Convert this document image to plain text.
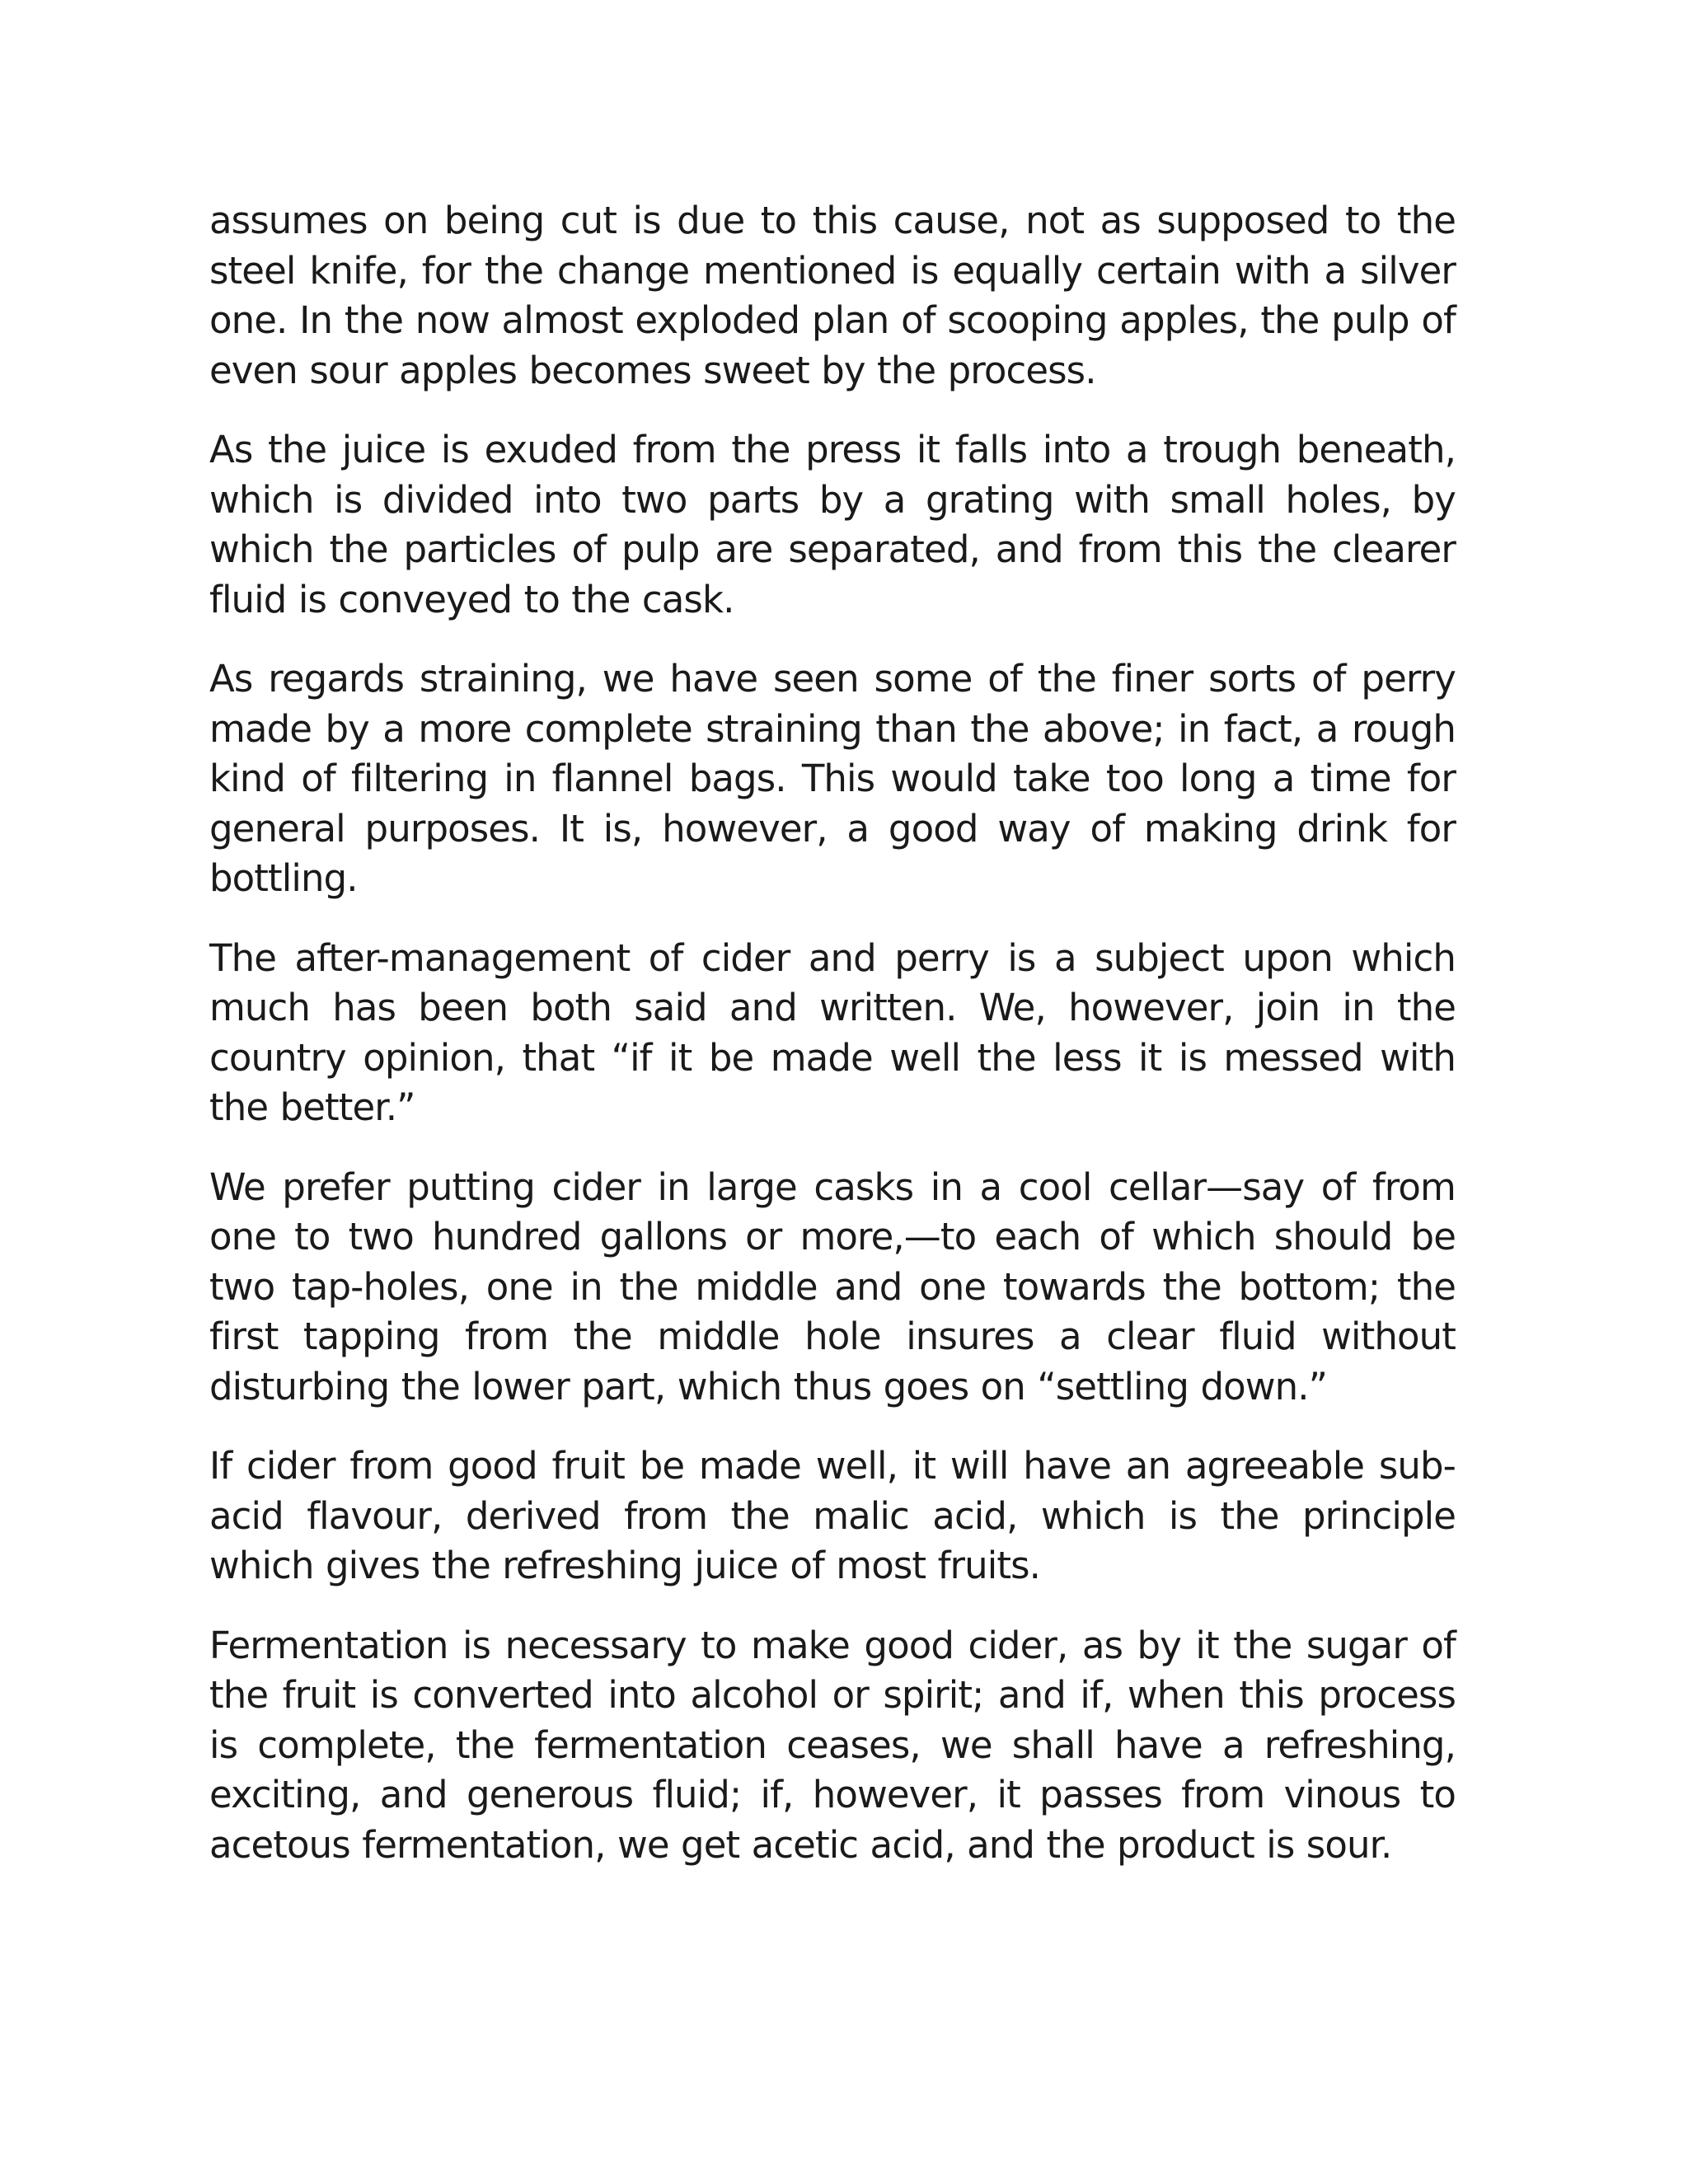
assumes on being cut is due to this cause, not as supposed to the steel knife, for the change mentioned is equally certain with a silver one. In the now almost exploded plan of scooping apples, the pulp of even sour apples becomes sweet by the process.

As the juice is exuded from the press it falls into a trough beneath, which is divided into two parts by a grating with small holes, by which the particles of pulp are separated, and from this the clearer fluid is conveyed to the cask.

As regards straining, we have seen some of the finer sorts of perry made by a more complete straining than the above; in fact, a rough kind of filtering in flannel bags. This would take too long a time for general purposes. It is, however, a good way of making drink for bottling.

The after-management of cider and perry is a subject upon which much has been both said and written. We, however, join in the country opinion, that “if it be made well the less it is messed with the better.”

We prefer putting cider in large casks in a cool cellar—say of from one to two hundred gallons or more,—to each of which should be two tap-holes, one in the middle and one towards the bottom; the first tapping from the middle hole insures a clear fluid without disturbing the lower part, which thus goes on “settling down.”

If cider from good fruit be made well, it will have an agreeable sub-acid flavour, derived from the malic acid, which is the principle which gives the refreshing juice of most fruits.

Fermentation is necessary to make good cider, as by it the sugar of the fruit is converted into alcohol or spirit; and if, when this process is complete, the fermentation ceases, we shall have a refreshing, exciting, and generous fluid; if, however, it passes from vinous to acetous fermentation, we get acetic acid, and the product is sour.
